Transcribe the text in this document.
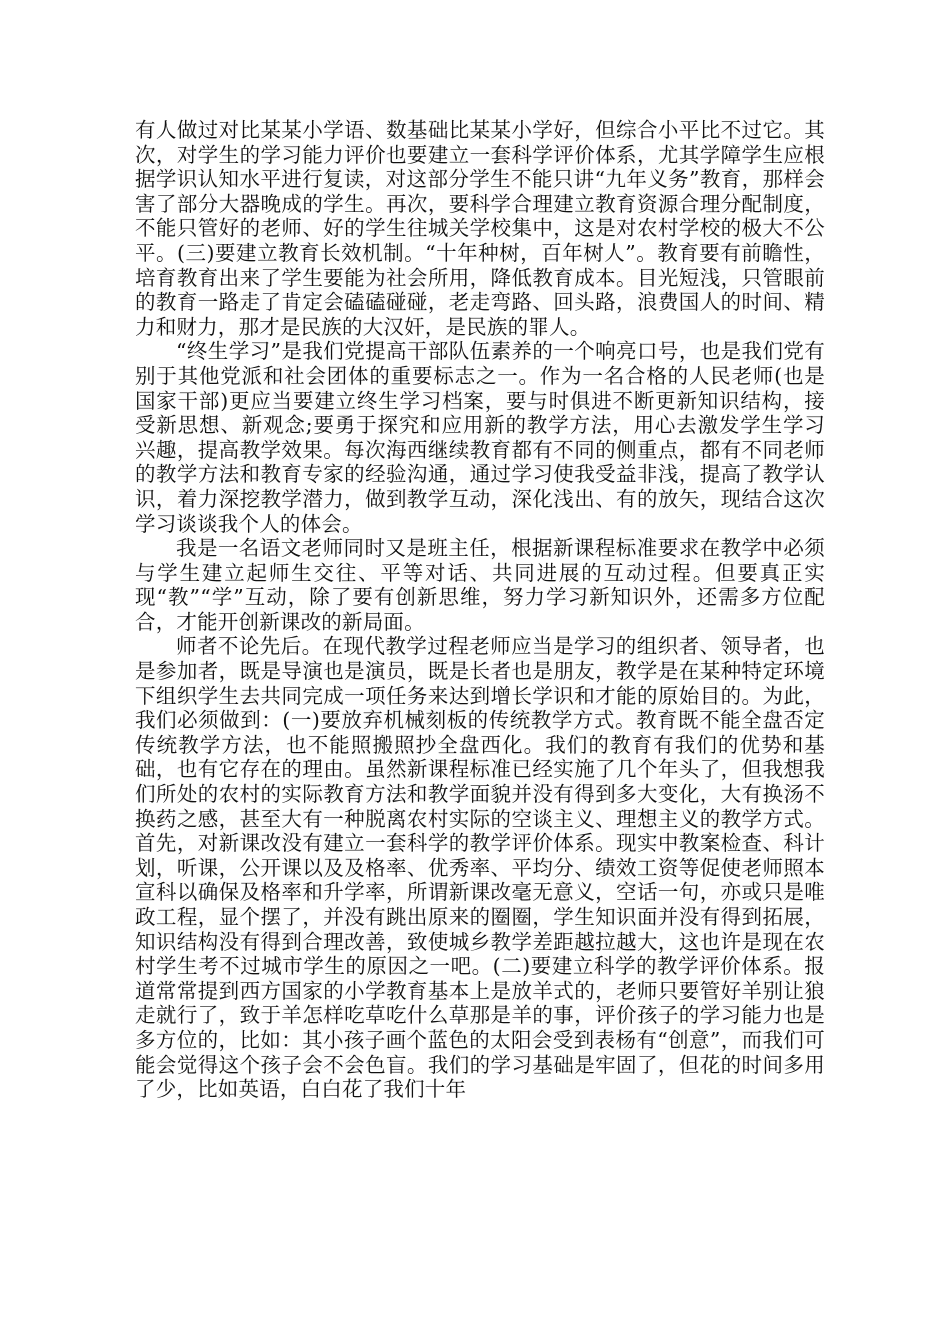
有人做过对比某某小学语、数基础比某某小学好，但综合小平比不过它。其次，对学生的学习能力评价也要建立一套科学评价体系，尤其学障学生应根据学识认知水平进行复读，对这部分学生不能只讲“九年义务”教育，那样会害了部分大器晚成的学生。再次，要科学合理建立教育资源合理分配制度，不能只管好的老师、好的学生往城关学校集中，这是对农村学校的极大不公平。(三)要建立教育长效机制。“十年种树，百年树人”。教育要有前瞻性，培育教育出来了学生要能为社会所用，降低教育成本。目光短浅，只管眼前的教育一路走了肯定会磕磕碰碰，老走弯路、回头路，浪费国人的时间、精力和财力，那才是民族的大汉奸，是民族的罪人。

“终生学习”是我们党提高干部队伍素养的一个响亮口号，也是我们党有别于其他党派和社会团体的重要标志之一。作为一名合格的人民老师(也是国家干部)更应当要建立终生学习档案，要与时俱进不断更新知识结构，接受新思想、新观念;要勇于探究和应用新的教学方法，用心去激发学生学习兴趣，提高教学效果。每次海西继续教育都有不同的侧重点，都有不同老师的教学方法和教育专家的经验沟通，通过学习使我受益非浅，提高了教学认识，着力深挖教学潜力，做到教学互动，深化浅出、有的放矢，现结合这次学习谈谈我个人的体会。

我是一名语文老师同时又是班主任，根据新课程标准要求在教学中必须与学生建立起师生交往、平等对话、共同进展的互动过程。但要真正实现“教”“学”互动，除了要有创新思维，努力学习新知识外，还需多方位配合，才能开创新课改的新局面。

师者不论先后。在现代教学过程老师应当是学习的组织者、领导者，也是参加者，既是导演也是演员，既是长者也是朋友，教学是在某种特定环境下组织学生去共同完成一项任务来达到增长学识和才能的原始目的。为此，我们必须做到：(一)要放弃机械刻板的传统教学方式。教育既不能全盘否定传统教学方法，也不能照搬照抄全盘西化。我们的教育有我们的优势和基础，也有它存在的理由。虽然新课程标准已经实施了几个年头了，但我想我们所处的农村的实际教育方法和教学面貌并没有得到多大变化，大有换汤不换药之感，甚至大有一种脱离农村实际的空谈主义、理想主义的教学方式。首先，对新课改没有建立一套科学的教学评价体系。现实中教案检查、科计划，听课，公开课以及及格率、优秀率、平均分、绩效工资等促使老师照本宣科以确保及格率和升学率，所谓新课改毫无意义，空话一句，亦或只是唯政工程，显个摆了，并没有跳出原来的圈圈，学生知识面并没有得到拓展，知识结构没有得到合理改善，致使城乡教学差距越拉越大，这也许是现在农村学生考不过城市学生的原因之一吧。(二)要建立科学的教学评价体系。报道常常提到西方国家的小学教育基本上是放羊式的，老师只要管好羊别让狼走就行了，致于羊怎样吃草吃什么草那是羊的事，评价孩子的学习能力也是多方位的，比如：其小孩子画个蓝色的太阳会受到表杨有“创意”，而我们可能会觉得这个孩子会不会色盲。我们的学习基础是牢固了，但花的时间多用了少，比如英语，白白花了我们十年
